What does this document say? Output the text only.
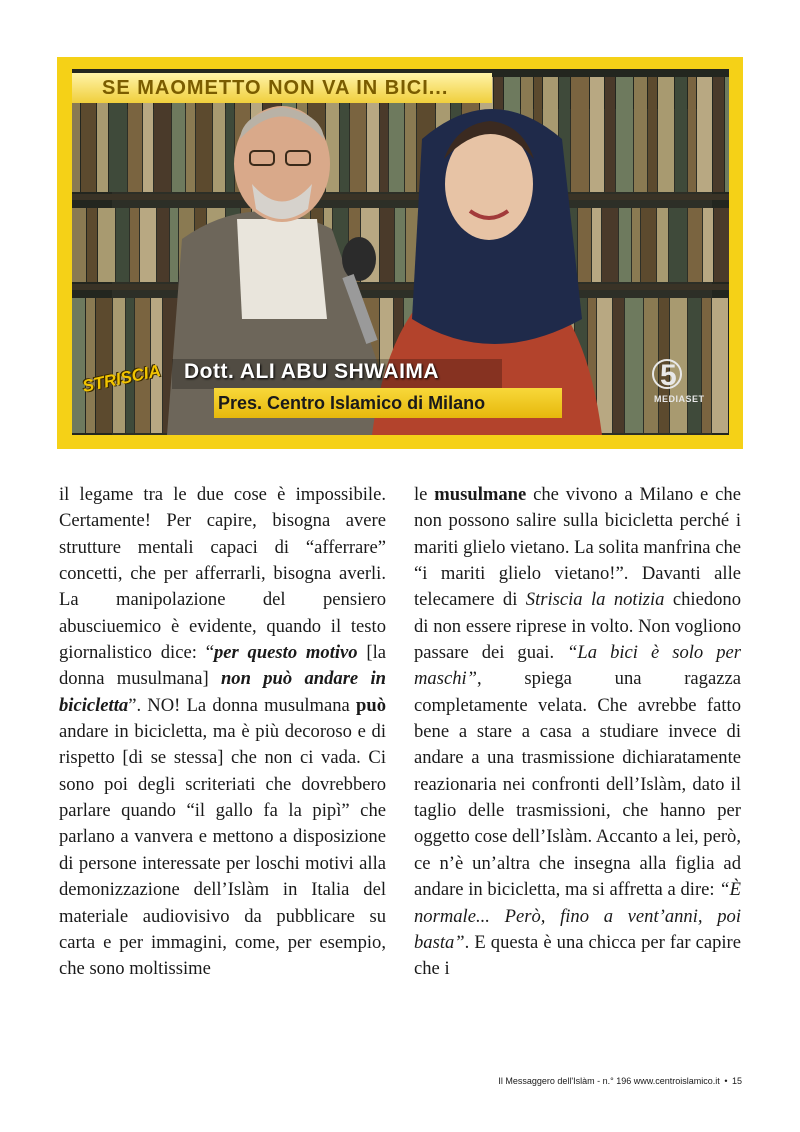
SE MAOMETTO NON VA IN BICI...
Dott. ALI ABU SHWAIMA
Pres. Centro Islamico di Milano
STRISCIA	5
MEDIASET

il legame tra le due cose è impossibile. Certamente! Per capire, bisogna avere strutture mentali capaci di “afferrare” concetti, che per afferrarli, bisogna averli. La manipolazione del pensiero abusciuemico è evidente, quando il testo giornalistico dice: “per questo motivo [la donna musulmana] non può andare in bicicletta”. NO! La donna musulmana può andare in bicicletta, ma è più decoroso e di rispetto [di se stessa] che non ci vada. Ci sono poi degli scriteriati che dovrebbero parlare quando “il gallo fa la pipì” che parlano a vanvera e mettono a disposizione di persone interessate per loschi motivi alla demonizzazione dell’Islàm in Italia del materiale audiovisivo da pubblicare su carta e per immagini, come, per esempio, che sono moltissime

le musulmane che vivono a Milano e che non possono salire sulla bicicletta perché i mariti glielo vietano. La solita manfrina che “i mariti glielo vietano!”. Davanti alle telecamere di Striscia la notizia chiedono di non essere riprese in volto. Non vogliono passare dei guai. “La bici è solo per maschi”, spiega una ragazza completamente velata. Che avrebbe fatto bene a stare a casa a studiare invece di andare a una trasmissione dichiaratamente reazionaria nei confronti dell’Islàm, dato il taglio delle trasmissioni, che hanno per oggetto cose dell’Islàm. Accanto a lei, però, ce n’è un’altra che insegna alla figlia ad andare in bicicletta, ma si affretta a dire: “È normale... Però, fino a vent’anni, poi basta”. E questa è una chicca per far capire che i

Il Messaggero dell'Islàm - n.° 196 www.centroislamico.it • 15
